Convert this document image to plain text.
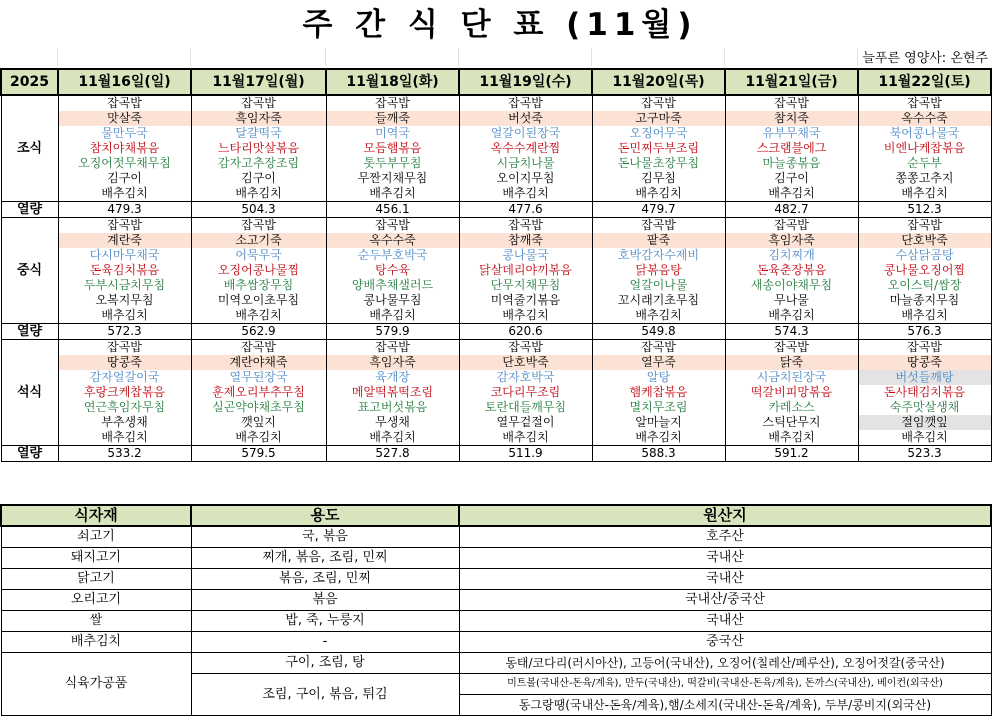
주 간 식 단 표 (11월)
늘푸른 영양사: 온현주
2025	11월16일(일)	11월17일(월)	11월18일(화)	11월19일(수)	11월20일(목)	11월21일(금)	11월22일(토)
조식	잡곡밥	잡곡밥	잡곡밥	잡곡밥	잡곡밥	잡곡밥	잡곡밥
	맛살죽	흑임자죽	들깨죽	버섯죽	고구마죽	참치죽	옥수수죽
	물만두국	달걀떡국	미역국	얼갈이된장국	오징어무국	유부무채국	북어콩나물국
	참치야채볶음	느타리맛살볶음	모듬햄볶음	옥수수계란찜	돈민찌두부조림	스크램블에그	비엔나케찹볶음
	오징어젓무채무침	감자고추장조림	톳두부무침	시금치나물	돈나물초장무침	마늘종볶음	순두부
	김구이	김구이	무짠지채무침	오이지무침	김무침	김구이	쫑쫑고추지
	배추김치	배추김치	배추김치	배추김치	배추김치	배추김치	배추김치
열량	479.3	504.3	456.1	477.6	479.7	482.7	512.3
중식	잡곡밥	잡곡밥	잡곡밥	잡곡밥	잡곡밥	잡곡밥	잡곡밥
	계란죽	소고기죽	옥수수죽	참깨죽	팥죽	흑임자죽	단호박죽
	다시마무채국	어묵무국	순두부호박국	콩나물국	호박감자수제비	김치찌개	수삼닭곰탕
	돈육김치볶음	오징어콩나물찜	탕수육	닭살데리야끼볶음	닭볶음탕	돈육춘장볶음	콩나물오징어찜
	두부시금치무침	배추쌈장무침	양배추채샐러드	단무지채무침	얼갈이나물	새송이야채무침	오이스틱/쌈장
	오복지무침	미역오이초무침	콩나물무침	미역줄기볶음	꼬시래기초무침	무나물	마늘종지무침
	배추김치	배추김치	배추김치	배추김치	배추김치	배추김치	배추김치
열량	572.3	562.9	579.9	620.6	549.8	574.3	576.3
석식	잡곡밥	잡곡밥	잡곡밥	잡곡밥	잡곡밥	잡곡밥	잡곡밥
	땅콩죽	계란야채죽	흑임자죽	단호박죽	열무죽	닭죽	땅콩죽
	감자얼갈이국	열무된장국	육개장	감자호박국	알탕	시금치된장국	버섯들깨탕
	후랑크케찹볶음	훈제오리부추무침	메알떡볶떡조림	코다리무조림	햄케찹볶음	떡갈비피망볶음	돈사태김치볶음
	연근흑임자무침	실곤약야채초무침	표고버섯볶음	토란대들깨무침	멸치무조림	카레소스	숙주맛살생채
	부추생채	깻잎지	무생채	열무겉절이	알마늘지	스틱단무지	절임깻잎
	배추김치	배추김치	배추김치	배추김치	배추김치	배추김치	배추김치
열량	533.2	579.5	527.8	511.9	588.3	591.2	523.3
식자재	용도	원산지
쇠고기	국, 볶음	호주산
돼지고기	찌개, 볶음, 조림, 민찌	국내산
닭고기	볶음, 조림, 민찌	국내산
오리고기	볶음	국내산/중국산
쌀	밥, 죽, 누룽지	국내산
배추김치	-	중국산
식육가공품	구이, 조림, 탕	동태/코다리(러시아산), 고등어(국내산), 오징어(칠레산/페루산), 오징어젓갈(중국산)
	조림, 구이, 볶음, 튀김	미트볼(국내산-돈육/계육), 만두(국내산), 떡갈비(국내산-돈육/계육), 돈까스(국내산), 베이컨(외국산)
		동그랑땡(국내산-돈육/계육),햄/소세지(국내산-돈육/계육), 두부/콩비지(외국산)
